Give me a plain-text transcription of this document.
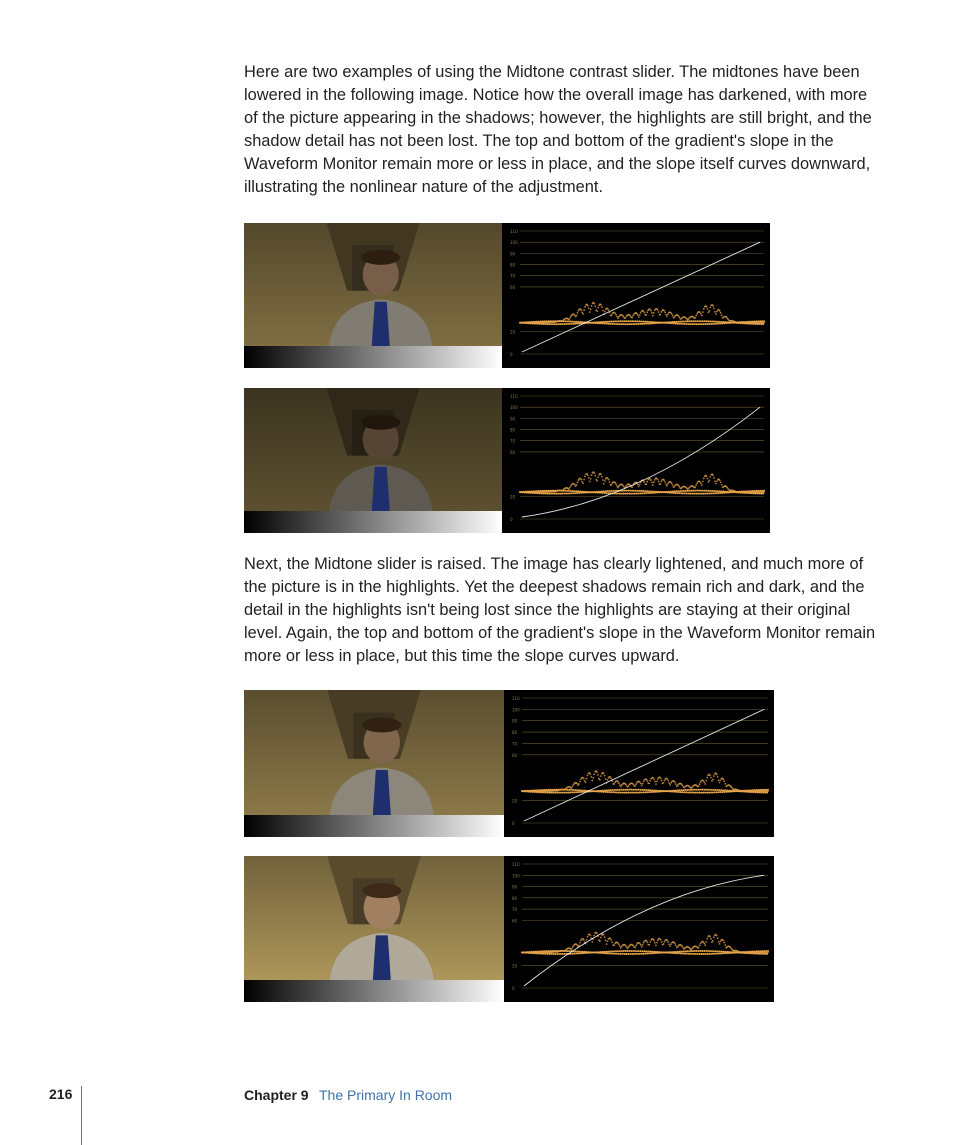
Here are two examples of using the Midtone contrast slider. The midtones have been lowered in the following image. Notice how the overall image has darkened, with more of the picture appearing in the shadows; however, the highlights are still bright, and the shadow detail has not been lost. The top and bottom of the gradient's slope in the Waveform Monitor remain more or less in place, and the slope itself curves downward, illustrating the nonlinear nature of the adjustment.

110
100
90
80
70
60
20
0
110
100
90
80
70
60
20
0

Next, the Midtone slider is raised. The image has clearly lightened, and much more of the picture is in the highlights. Yet the deepest shadows remain rich and dark, and the detail in the highlights isn't being lost since the highlights are staying at their original level. Again, the top and bottom of the gradient's slope in the Waveform Monitor remain more or less in place, but this time the slope curves upward.

110
100
90
80
70
60
20
0
110
100
90
80
70
60
20
0
216	Chapter 9 The Primary In Room
